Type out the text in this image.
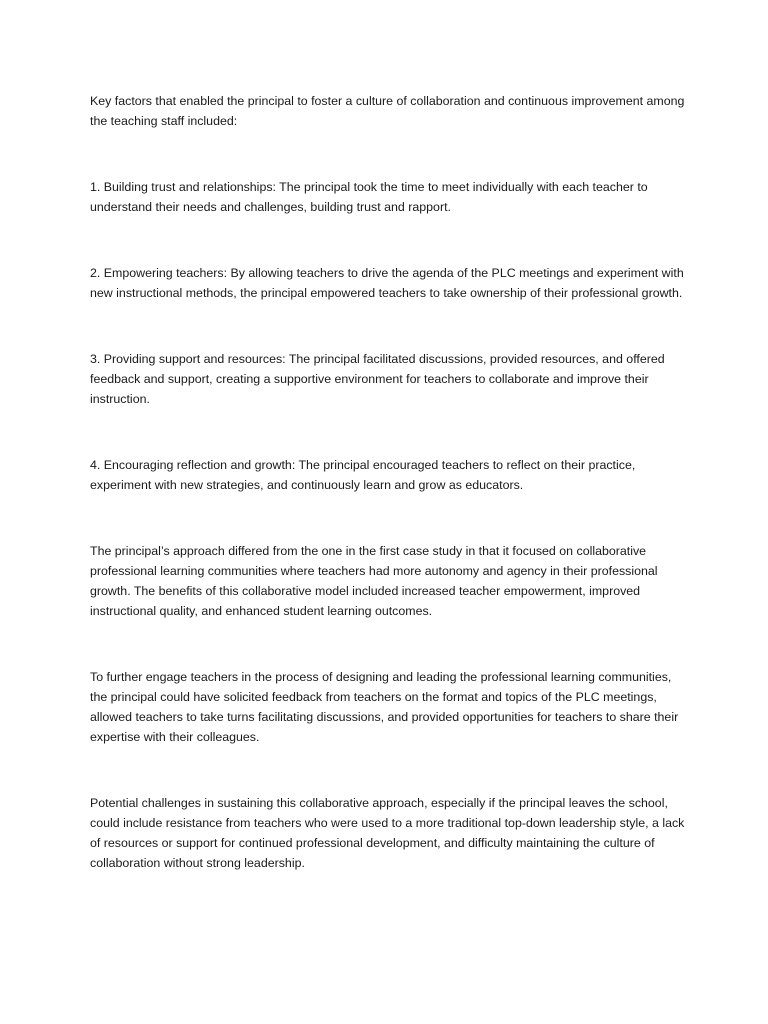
Key factors that enabled the principal to foster a culture of collaboration and continuous improvement among the teaching staff included:

1. Building trust and relationships: The principal took the time to meet individually with each teacher to understand their needs and challenges, building trust and rapport.

2. Empowering teachers: By allowing teachers to drive the agenda of the PLC meetings and experiment with new instructional methods, the principal empowered teachers to take ownership of their professional growth.

3. Providing support and resources: The principal facilitated discussions, provided resources, and offered feedback and support, creating a supportive environment for teachers to collaborate and improve their instruction.

4. Encouraging reflection and growth: The principal encouraged teachers to reflect on their practice, experiment with new strategies, and continuously learn and grow as educators.

The principal’s approach differed from the one in the first case study in that it focused on collaborative professional learning communities where teachers had more autonomy and agency in their professional growth. The benefits of this collaborative model included increased teacher empowerment, improved instructional quality, and enhanced student learning outcomes.

To further engage teachers in the process of designing and leading the professional learning communities, the principal could have solicited feedback from teachers on the format and topics of the PLC meetings, allowed teachers to take turns facilitating discussions, and provided opportunities for teachers to share their expertise with their colleagues.

Potential challenges in sustaining this collaborative approach, especially if the principal leaves the school, could include resistance from teachers who were used to a more traditional top-down leadership style, a lack of resources or support for continued professional development, and difficulty maintaining the culture of collaboration without strong leadership.
